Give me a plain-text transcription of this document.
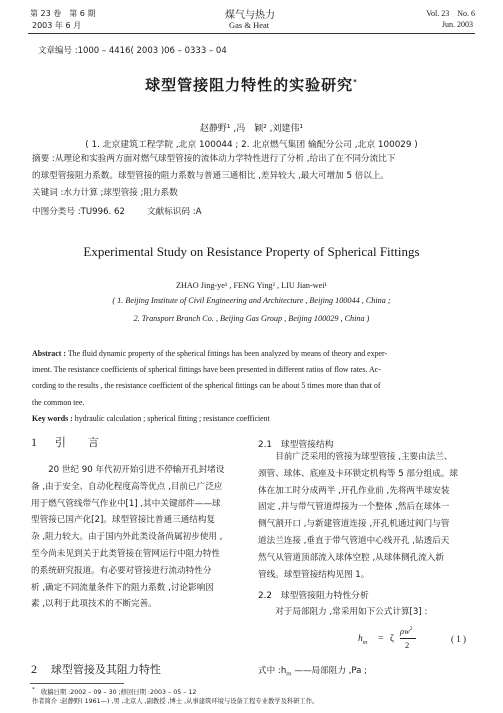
第 23 卷　第 6 期
2003 年 6 月
煤气与热力
Gas & Heat
Vol. 23　No. 6
Jun. 2003
文章编号 :1000 – 4416( 2003 )06 – 0333 – 04
球型管接阻力特性的实验研究*
赵静野¹ ,冯　颖² ,刘建伟¹
( 1. 北京建筑工程学院 ,北京 100044 ; 2. 北京燃气集团 输配分公司 ,北京 100029 )
摘要 :从理论和实验两方面对燃气球型管接的流体动力学特性进行了分析 ,给出了在不同分流比下
的球型管接阻力系数。球型管接的阻力系数与普通三通相比 ,差异较大 ,最大可增加 5 倍以上。
关键词 :水力计算 ;球型管接 ;阻力系数
中图分类号 :TU996. 62	文献标识码 :A
Experimental Study on Resistance Property of Spherical Fittings
ZHAO Jing-ye¹ , FENG Ying² , LIU Jian-wei¹
( 1. Beijing Institute of Civil Engineering and Architecture , Beijing 100044 , China ;
2. Transport Branch Co. , Beijing Gas Group , Beijing 100029 , China )
Abstract : The fluid dynamic property of the spherical fittings has been analyzed by means of theory and exper-
iment. The resistance coefficients of spherical fittings have been presented in different ratios of flow rates. Ac-
cording to the results , the resistance coefficient of the spherical fittings can be about 5 times more than that of
the common tee.
Key words : hydraulic calculation ; spherical fitting ; resistance coefficient
1 引　　言
　　20 世纪 90 年代初开始引进不停输开孔封堵设
备 ,由于安全、自动化程度高等优点 ,目前已广泛应
用于燃气管线带气作业中[1] ,其中关键部件——球
型管接已国产化[2]。球型管接比普通三通结构复
杂 ,阻力较大。由于国内外此类设备尚属初步使用 ,
至今尚未见到关于此类管接在管网运行中阻力特性
的系统研究报道。有必要对管接进行流动特性分
析 ,确定不同流量条件下的阻力系数 ,讨论影响因
素 ,以利于此项技术的不断完善。
2 球型管接及其阻力特性
2.1　球型管接结构
　　目前广泛采用的管接为球型管接 ,主要由法兰、
颈管、球体、底座及卡环锁定机构等 5 部分组成。球
体在加工时分成两半 ,开孔作业前 ,先将两半球安装
固定 ,并与带气管道焊接为一个整体 ,然后在球体一
侧气割开口 ,与新建管道连接 ,开孔机通过阀门与管
道法兰连接 ,垂直于带气管道中心线开孔 ,钻透后天
然气从管道顶部流入球体空腔 ,从球体侧孔流入新
管线。球型管接结构见图 1。
2.2　球型管接阻力特性分析
　　对于局部阻力 ,常采用如下公式计算[3] :
$h_m = \zeta$
$\rho w^2$
2
( 1 )
式中 $:h_m$ ——局部阻力 ,Pa ;
*　 收稿日期 :2002 – 09 – 30 ;修回日期 :2003 – 05 – 12
作者简介 :赵静野( 1961—) ,男 ,北京人 ,副教授 ,博士 ,从事建筑环境与设备工程专业教学及科研工作。
